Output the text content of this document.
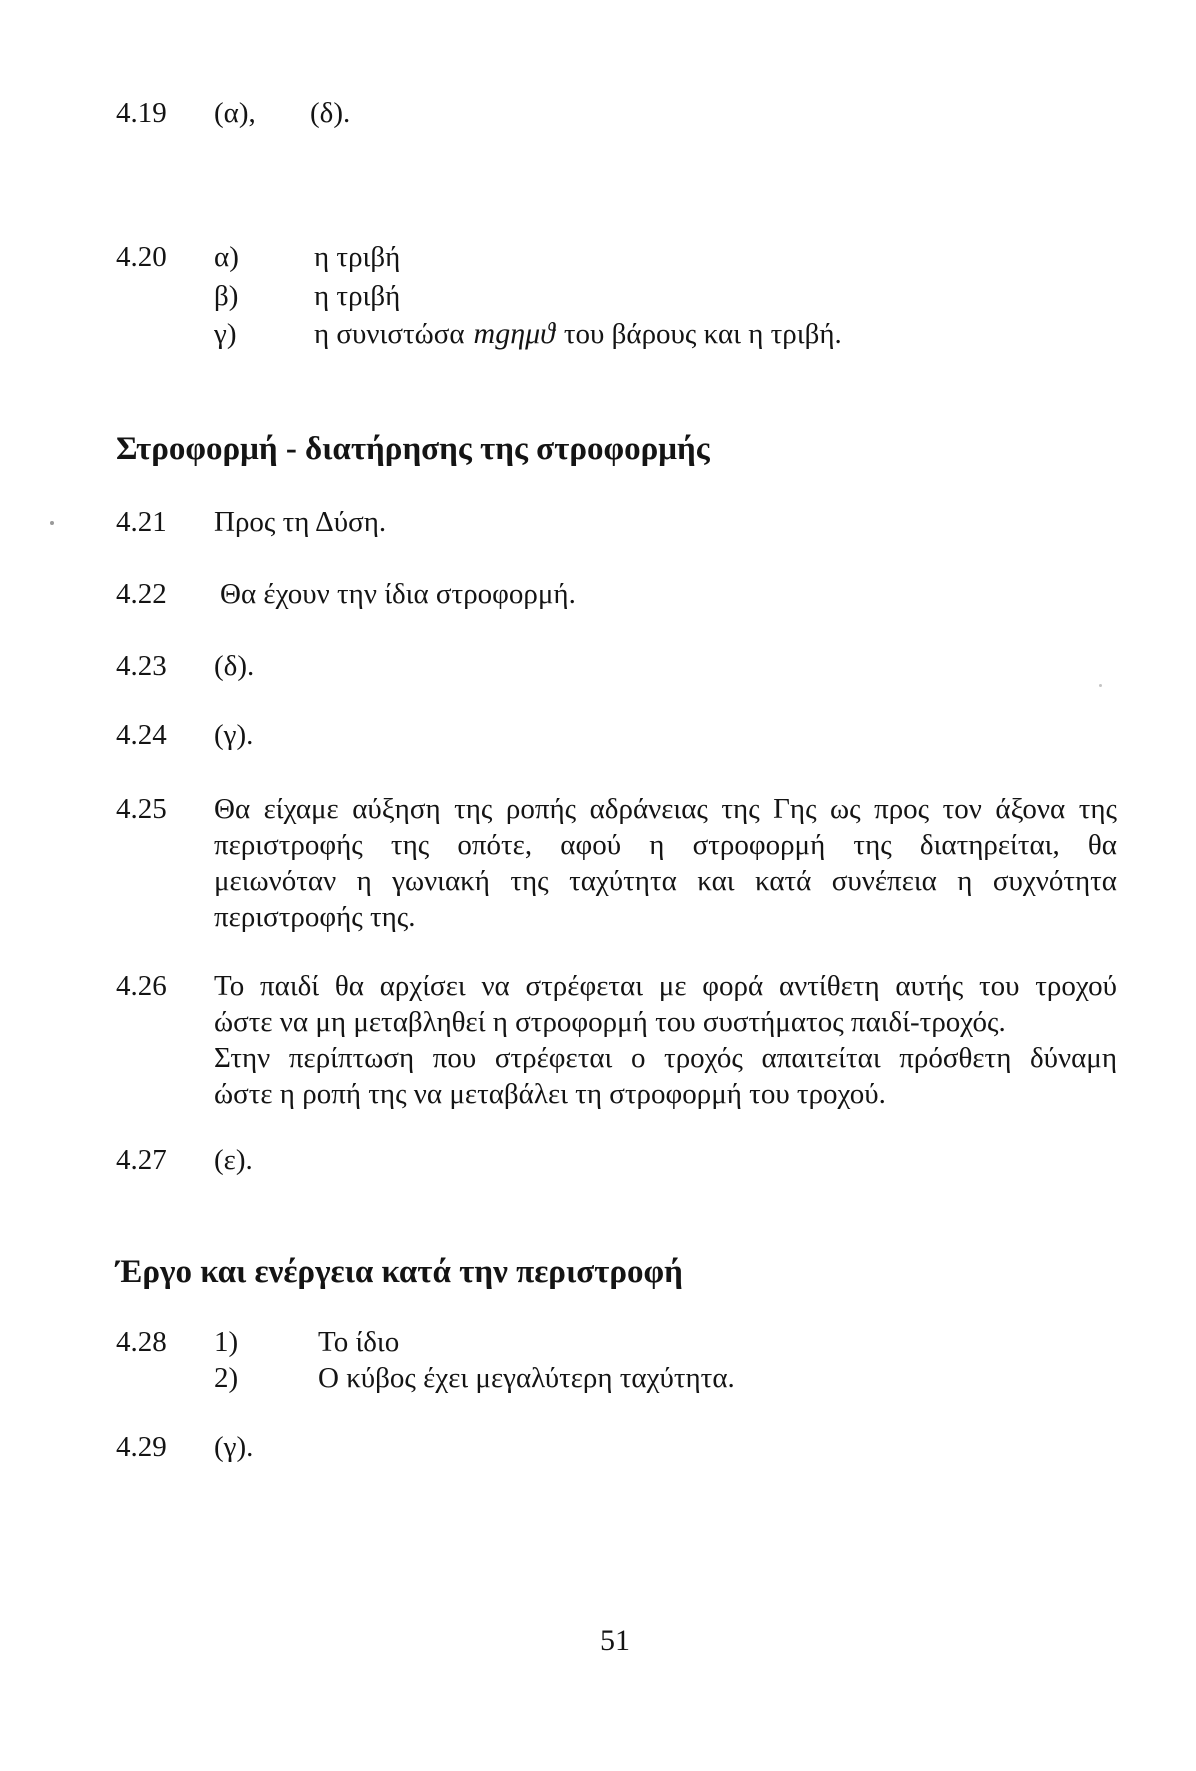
4.19 (α), (δ).
4.20 α)	η τριβή
β)	η τριβή
γ)	η συνιστώσα mgημϑ του βάρους και η τριβή.
Στροφορμή - διατήρησης της στροφορμής
4.21 Προς τη Δύση.
4.22 Θα έχουν την ίδια στροφορμή.
4.23 (δ).
4.24 (γ).
4.25 Θα είχαμε αύξηση της ροπής αδράνειας της Γης ως προς τον άξονα της
περιστροφής της οπότε, αφού η στροφορμή της διατηρείται, θα
μειωνόταν η γωνιακή της ταχύτητα και κατά συνέπεια η συχνότητα
περιστροφής της.
4.26 Το παιδί θα αρχίσει να στρέφεται με φορά αντίθετη αυτής του τροχού
ώστε να μη μεταβληθεί η στροφορμή του συστήματος παιδί-τροχός.
Στην περίπτωση που στρέφεται ο τροχός απαιτείται πρόσθετη δύναμη
ώστε η ροπή της να μεταβάλει τη στροφορμή του τροχού.
4.27 (ε).
Έργο και ενέργεια κατά την περιστροφή
4.28 1)	Το ίδιο
2)	Ο κύβος έχει μεγαλύτερη ταχύτητα.
4.29 (γ).
51
